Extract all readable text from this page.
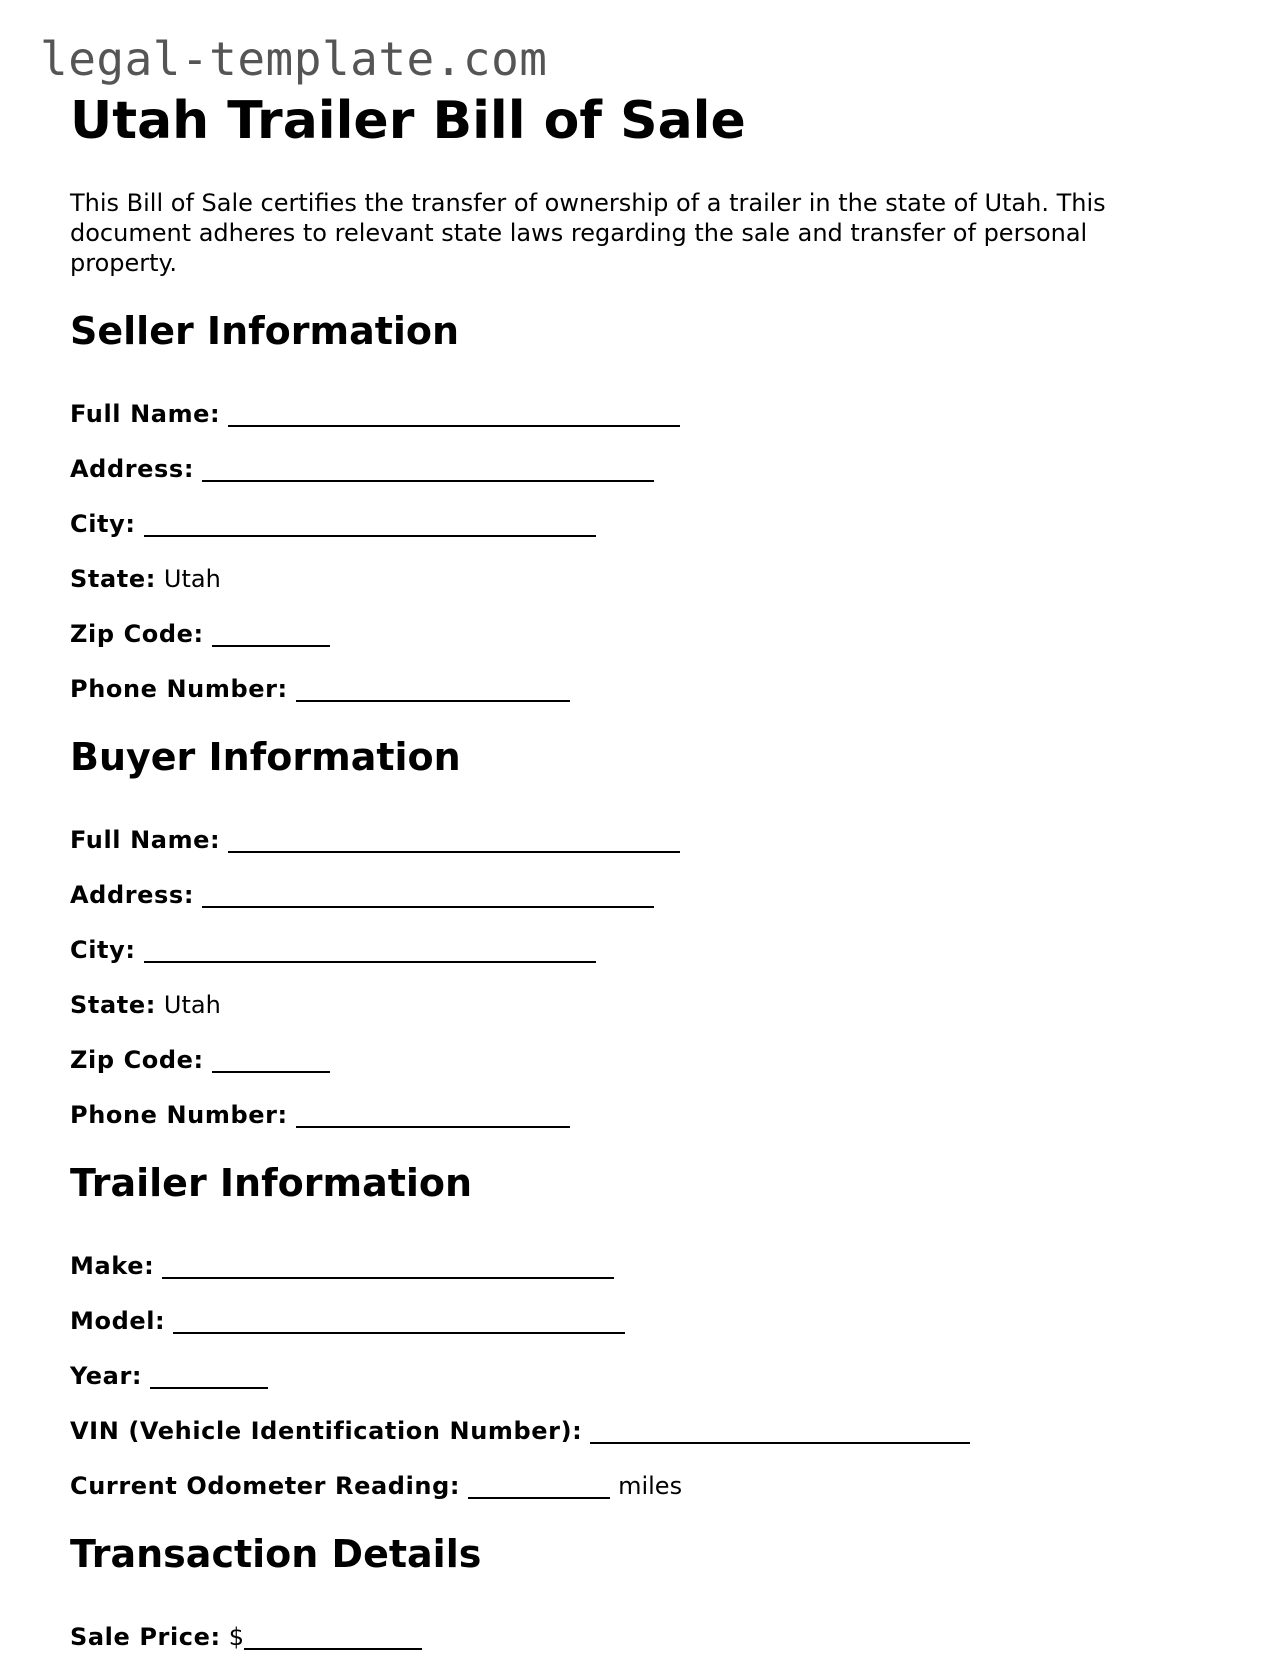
legal-template.com
Utah Trailer Bill of Sale

This Bill of Sale certifies the transfer of ownership of a trailer in the state of Utah. This document adheres to relevant state laws regarding the sale and transfer of personal property.

Seller Information
Full Name:
Address:
City:
State: Utah
Zip Code:
Phone Number:
Buyer Information
Full Name:
Address:
City:
State: Utah
Zip Code:
Phone Number:
Trailer Information
Make:
Model:
Year:
VIN (Vehicle Identification Number):
Current Odometer Reading:	miles
Transaction Details
Sale Price: $
